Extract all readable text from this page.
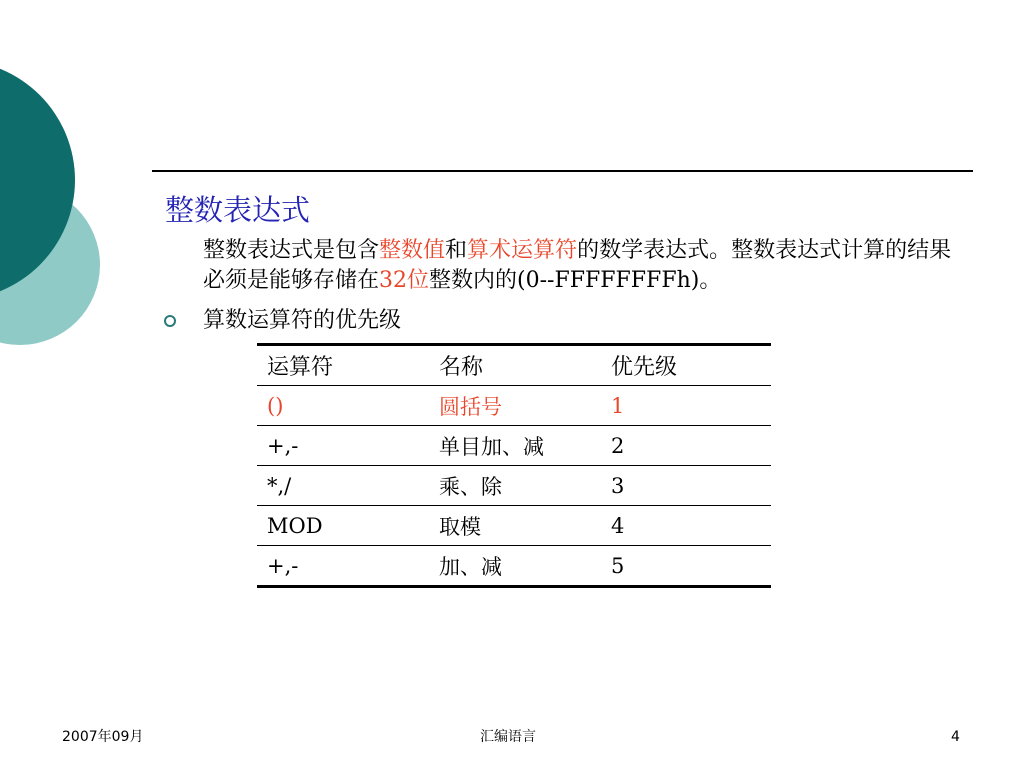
整数表达式
整数表达式是包含整数值和算术运算符的数学表达式。整数表达式计算的结果必须是能够存储在32位整数内的(0--FFFFFFFFh)。
算数运算符的优先级
运算符	名称	优先级
()	圆括号	1
+,-	单目加、减	2
*,/	乘、除	3
MOD	取模	4
+,-	加、减	5
2007年09月	汇编语言	4
